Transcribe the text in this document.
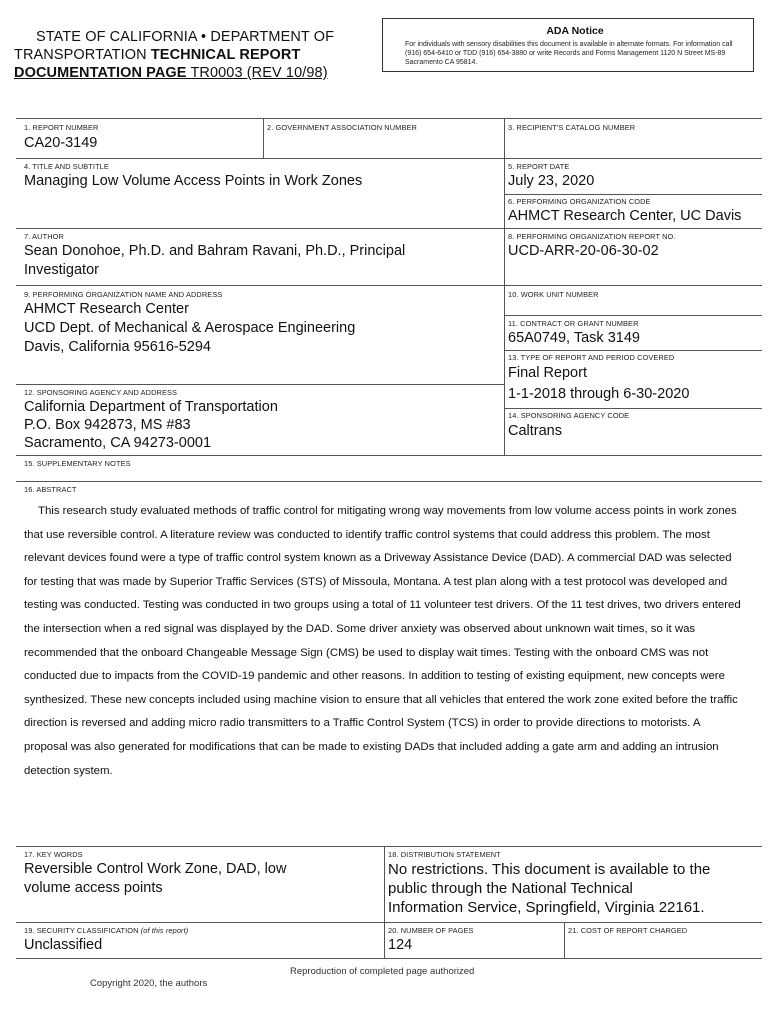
STATE OF CALIFORNIA • DEPARTMENT OF
TRANSPORTATION TECHNICAL REPORT
DOCUMENTATION PAGE TR0003 (REV 10/98)
ADA Notice
For individuals with sensory disabilities this document is available in alternate formats. For information call (916) 654-6410 or TDD (916) 654-3880 or write Records and Forms Management 1120 N Street MS-89 Sacramento CA 95814.
1. REPORT NUMBER
CA20-3149
2. GOVERNMENT ASSOCIATION NUMBER	3. RECIPIENT'S CATALOG NUMBER
4. TITLE AND SUBTITLE
Managing Low Volume Access Points in Work Zones
5. REPORT DATE
July 23, 2020
6. PERFORMING ORGANIZATION CODE
AHMCT Research Center, UC Davis
7. AUTHOR
Sean Donohoe, Ph.D. and Bahram Ravani, Ph.D., Principal
Investigator
8. PERFORMING ORGANIZATION REPORT NO.
UCD-ARR-20-06-30-02
9. PERFORMING ORGANIZATION NAME AND ADDRESS
AHMCT Research Center
UCD Dept. of Mechanical & Aerospace Engineering
Davis, California 95616-5294
10. WORK UNIT NUMBER
11. CONTRACT OR GRANT NUMBER
65A0749, Task 3149
13. TYPE OF REPORT AND PERIOD COVERED
Final Report
1-1-2018 through 6-30-2020
12. SPONSORING AGENCY AND ADDRESS
California Department of Transportation
P.O. Box 942873, MS #83
Sacramento, CA 94273-0001
14. SPONSORING AGENCY CODE
Caltrans
15. SUPPLEMENTARY NOTES
16. ABSTRACT
This research study evaluated methods of traffic control for mitigating wrong way movements from low volume access points in work zones that use reversible control. A literature review was conducted to identify traffic control systems that could address this problem. The most relevant devices found were a type of traffic control system known as a Driveway Assistance Device (DAD). A commercial DAD was selected for testing that was made by Superior Traffic Services (STS) of Missoula, Montana. A test plan along with a test protocol was developed and testing was conducted. Testing was conducted in two groups using a total of 11 volunteer test drivers. Of the 11 test drives, two drivers entered the intersection when a red signal was displayed by the DAD. Some driver anxiety was observed about unknown wait times, so it was recommended that the onboard Changeable Message Sign (CMS) be used to display wait times. Testing with the onboard CMS was not conducted due to impacts from the COVID-19 pandemic and other reasons. In addition to testing of existing equipment, new concepts were synthesized. These new concepts included using machine vision to ensure that all vehicles that entered the work zone exited before the traffic direction is reversed and adding micro radio transmitters to a Traffic Control System (TCS) in order to provide directions to motorists. A proposal was also generated for modifications that can be made to existing DADs that included adding a gate arm and adding an intrusion detection system.
17. KEY WORDS
Reversible Control Work Zone, DAD, low
volume access points
18. DISTRIBUTION STATEMENT
No restrictions. This document is available to the
public through the National Technical
Information Service, Springfield, Virginia 22161.
19. SECURITY CLASSIFICATION (of this report)
Unclassified
20. NUMBER OF PAGES
124
21. COST OF REPORT CHARGED
Reproduction of completed page authorized
Copyright 2020, the authors
